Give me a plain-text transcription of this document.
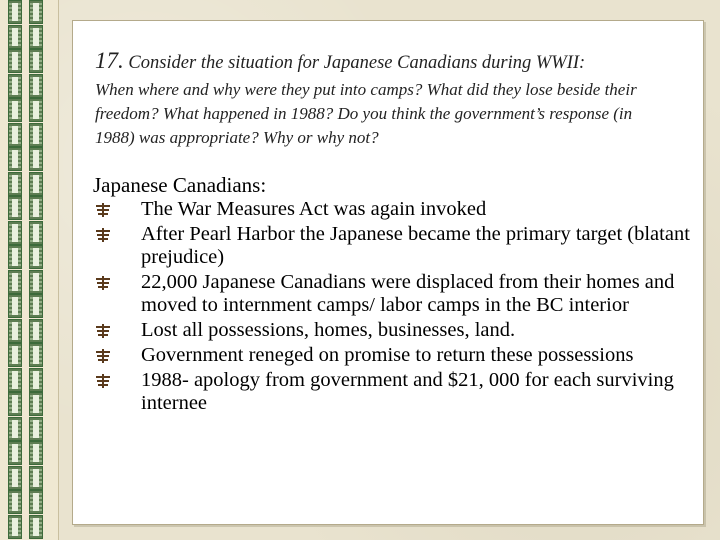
17. Consider the situation for Japanese Canadians during WWII:
When where and why were they put into camps? What did they lose beside their freedom? What happened in 1988? Do you think the government’s response (in 1988) was appropriate? Why or why not?

Japanese Canadians:

The War Measures Act was again invoked
After Pearl Harbor the Japanese became the primary target (blatant prejudice)
22,000 Japanese Canadians were displaced from their homes and moved to internment camps/ labor camps in the BC interior
Lost all possessions, homes, businesses, land.
Government reneged on promise to return these possessions
1988- apology from government and $21, 000 for each surviving internee
